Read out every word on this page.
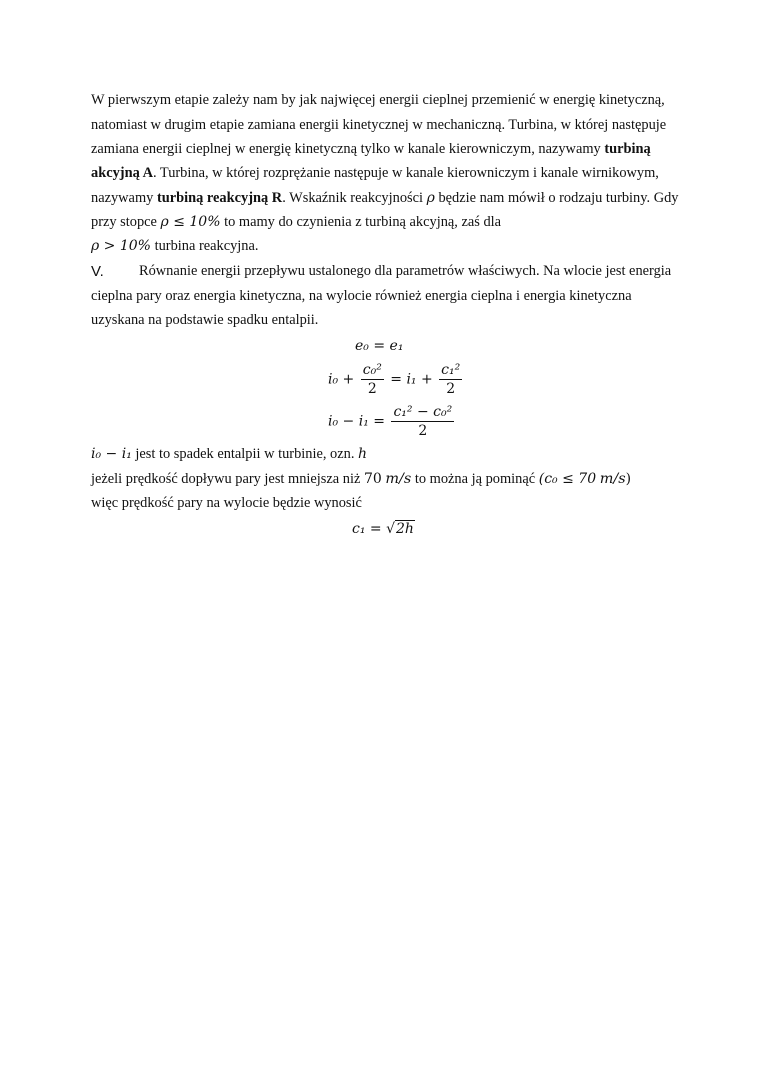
W pierwszym etapie zależy nam by jak najwięcej energii cieplnej przemienić w energię kinetyczną,
natomiast w drugim etapie zamiana energii kinetycznej w mechaniczną. Turbina, w której następuje
zamiana energii cieplnej w energię kinetyczną tylko w kanale kierowniczym, nazywamy turbiną
akcyjną A. Turbina, w której rozprężanie następuje w kanale kierowniczym i kanale wirnikowym,
nazywamy turbiną reakcyjną R. Wskaźnik reakcyjności ρ będzie nam mówił o rodzaju turbiny. Gdy
przy stopce ρ ≤ 10% to mamy do czynienia z turbiną akcyjną, zaś dla
ρ > 10% turbina reakcyjna.
V. Równanie energii przepływu ustalonego dla parametrów właściwych. Na wlocie jest energia
cieplna pary oraz energia kinetyczna, na wylocie również energia cieplna i energia kinetyczna
uzyskana na podstawie spadku entalpii.
e₀ = e₁
$i_0 + \frac{\text{c₀²}}{2} = i_1 + \frac{\text{c₁²}}{2}$
$i_0 - i_1 = \frac{\text{c₁² − c₀²}}{2}$
i₀ − i₁ jest to spadek entalpii w turbinie, ozn. h
jeżeli prędkość dopływu pary jest mniejsza niż 70 m/s to można ją pominąć (c₀ ≤ 70 m/s)
więc prędkość pary na wylocie będzie wynosić
c₁ = √2h
